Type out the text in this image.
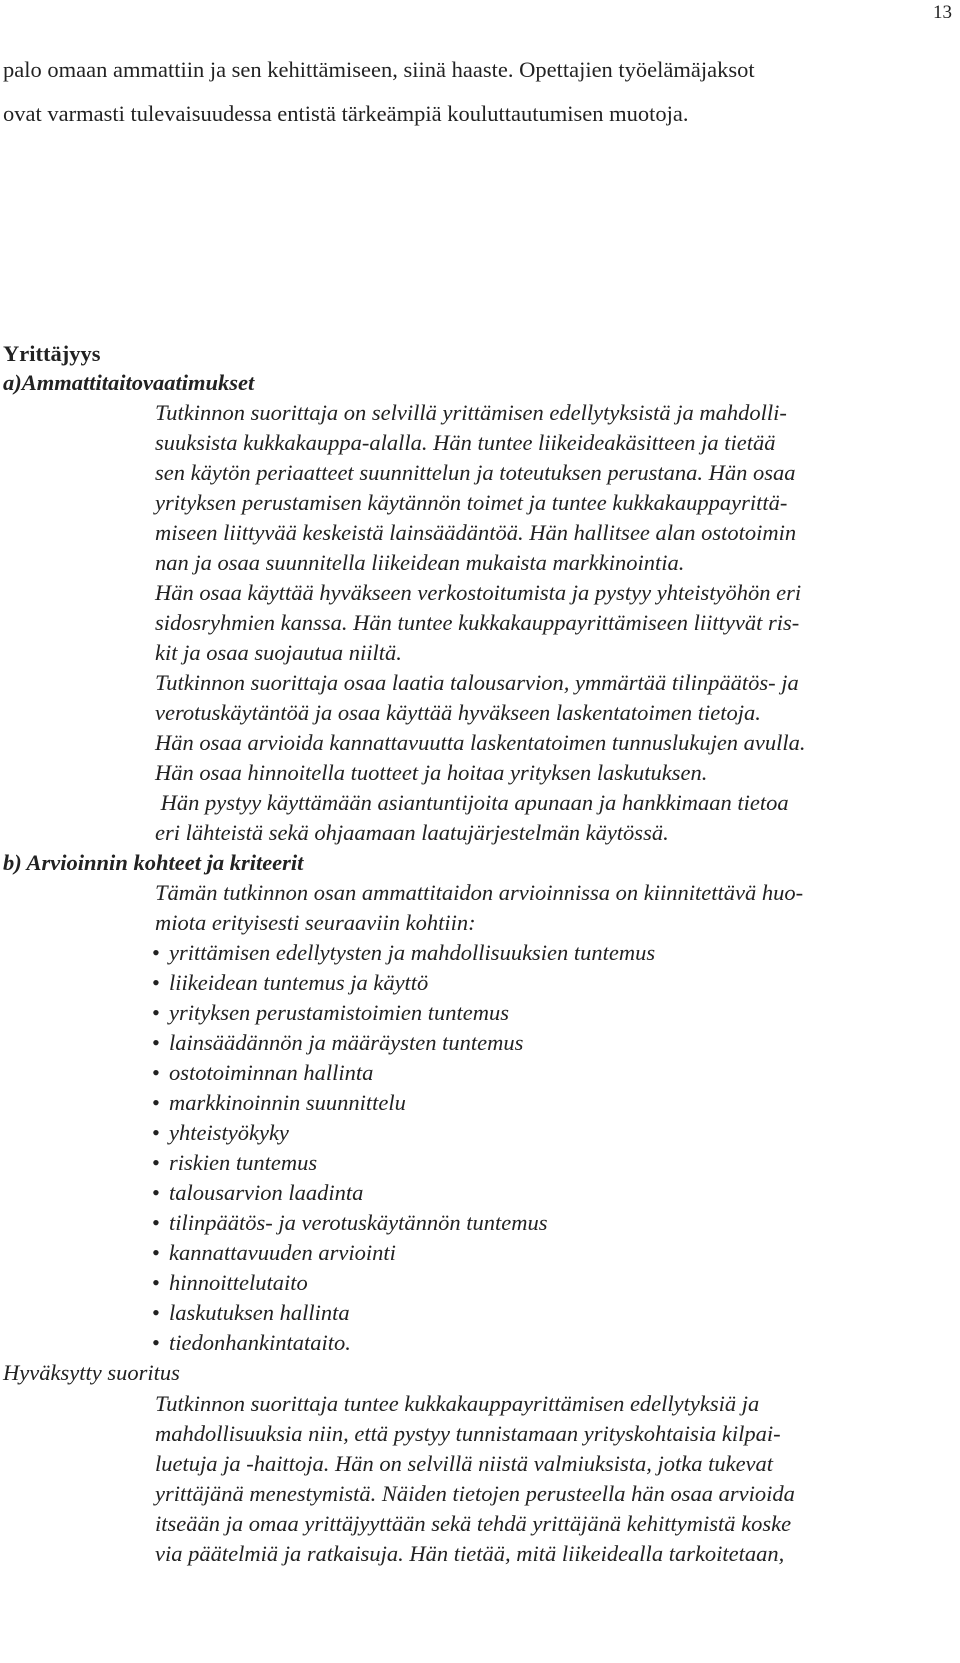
13
palo omaan ammattiin ja sen kehittämiseen, siinä haaste. Opettajien työelämäjaksot
ovat varmasti tulevaisuudessa entistä tärkeämpiä kouluttautumisen muotoja.
Yrittäjyys
a)Ammattitaitovaatimukset
Tutkinnon suorittaja on selvillä yrittämisen edellytyksistä ja mahdolli-
suuksista kukkakauppa-alalla. Hän tuntee liikeideakäsitteen ja tietää
sen käytön periaatteet suunnittelun ja toteutuksen perustana. Hän osaa
yrityksen perustamisen käytännön toimet ja tuntee kukkakauppayrittä-
miseen liittyvää keskeistä lainsäädäntöä. Hän hallitsee alan ostotoimin
nan ja osaa suunnitella liikeidean mukaista markkinointia.
Hän osaa käyttää hyväkseen verkostoitumista ja pystyy yhteistyöhön eri
sidosryhmien kanssa. Hän tuntee kukkakauppayrittämiseen liittyvät ris-
kit ja osaa suojautua niiltä.
Tutkinnon suorittaja osaa laatia talousarvion, ymmärtää tilinpäätös- ja
verotuskäytäntöä ja osaa käyttää hyväkseen laskentatoimen tietoja.
Hän osaa arvioida kannattavuutta laskentatoimen tunnuslukujen avulla.
Hän osaa hinnoitella tuotteet ja hoitaa yrityksen laskutuksen.
Hän pystyy käyttämään asiantuntijoita apunaan ja hankkimaan tietoa
eri lähteistä sekä ohjaamaan laatujärjestelmän käytössä.
b) Arvioinnin kohteet ja kriteerit
Tämän tutkinnon osan ammattitaidon arvioinnissa on kiinnitettävä huo-
miota erityisesti seuraaviin kohtiin:
• yrittämisen edellytysten ja mahdollisuuksien tuntemus
• liikeidean tuntemus ja käyttö
• yrityksen perustamistoimien tuntemus
• lainsäädännön ja määräysten tuntemus
• ostotoiminnan hallinta
• markkinoinnin suunnittelu
• yhteistyökyky
• riskien tuntemus
• talousarvion laadinta
• tilinpäätös- ja verotuskäytännön tuntemus
• kannattavuuden arviointi
• hinnoittelutaito
• laskutuksen hallinta
• tiedonhankintataito.
Hyväksytty suoritus
Tutkinnon suorittaja tuntee kukkakauppayrittämisen edellytyksiä ja
mahdollisuuksia niin, että pystyy tunnistamaan yrityskohtaisia kilpai-
luetuja ja -haittoja. Hän on selvillä niistä valmiuksista, jotka tukevat
yrittäjänä menestymistä. Näiden tietojen perusteella hän osaa arvioida
itseään ja omaa yrittäjyyttään sekä tehdä yrittäjänä kehittymistä koske
via päätelmiä ja ratkaisuja. Hän tietää, mitä liikeidealla tarkoitetaan,
